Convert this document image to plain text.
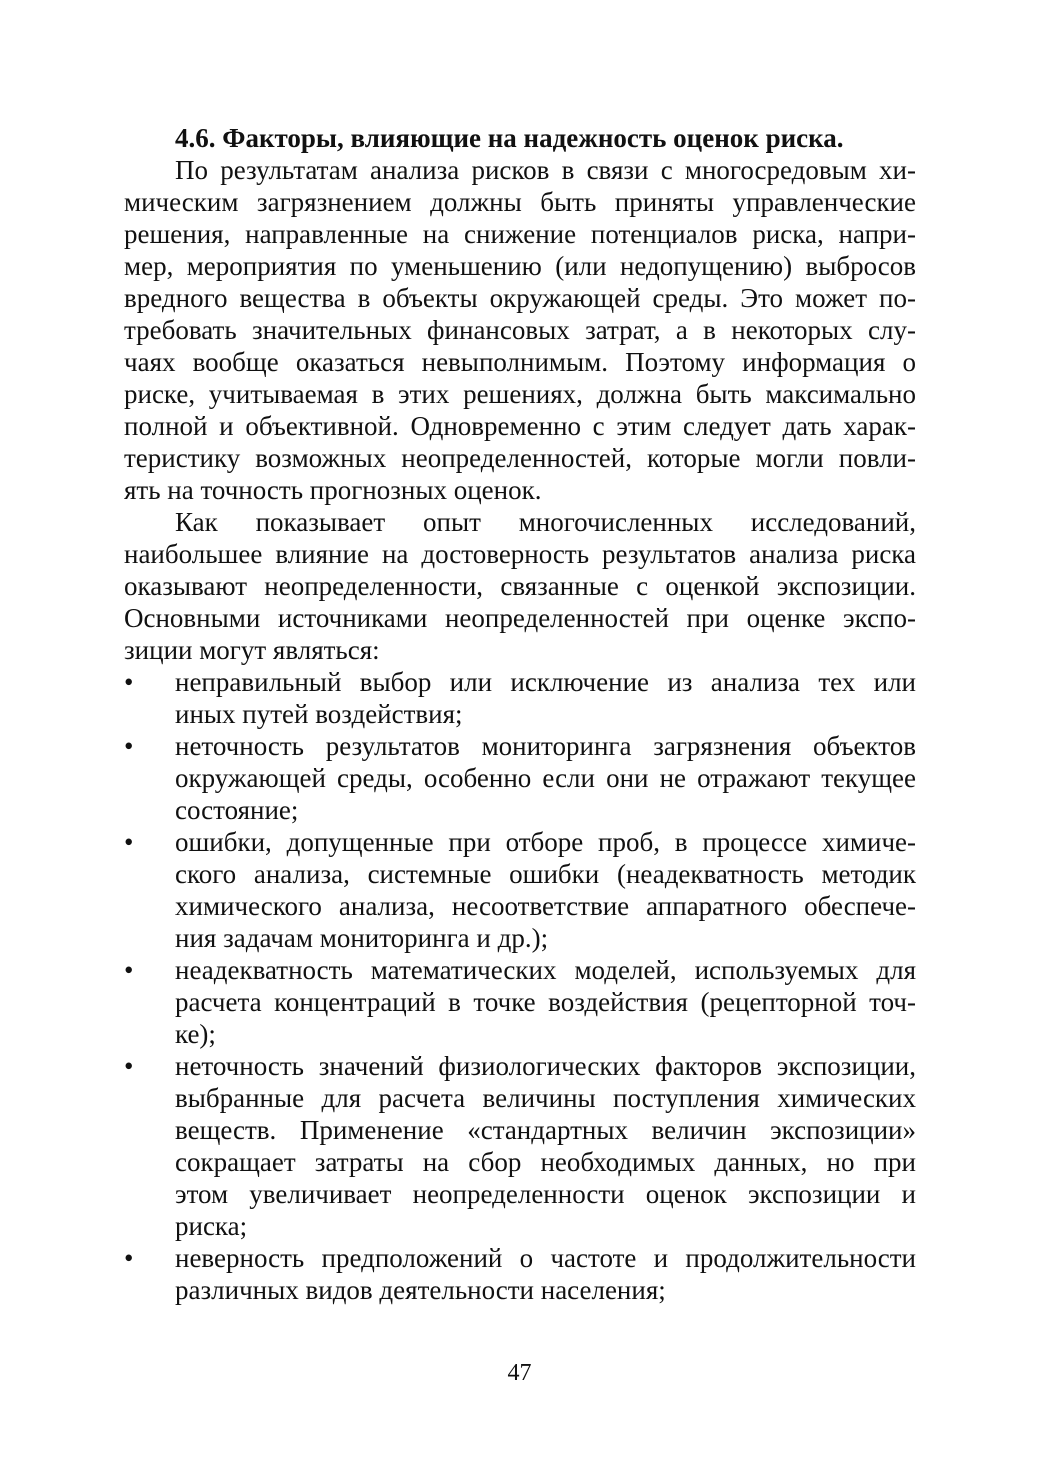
4.6. Факторы, влияющие на надежность оценок риска.
По результатам анализа рисков в связи с многосредовым хи-
мическим загрязнением должны быть приняты управленческие
решения, направленные на снижение потенциалов риска, напри-
мер, мероприятия по уменьшению (или недопущению) выбросов
вредного вещества в объекты окружающей среды. Это может по-
требовать значительных финансовых затрат, а в некоторых слу-
чаях вообще оказаться невыполнимым. Поэтому информация о
риске, учитываемая в этих решениях, должна быть максимально
полной и объективной. Одновременно с этим следует дать харак-
теристику возможных неопределенностей, которые могли повли-
ять на точность прогнозных оценок.
Как показывает опыт многочисленных исследований,
наибольшее влияние на достоверность результатов анализа риска
оказывают неопределенности, связанные с оценкой экспозиции.
Основными источниками неопределенностей при оценке экспо-
зиции могут являться:
•	неправильный выбор или исключение из анализа тех или
иных путей воздействия;
•	неточность результатов мониторинга загрязнения объектов
окружающей среды, особенно если они не отражают текущее
состояние;
•	ошибки, допущенные при отборе проб, в процессе химиче-
ского анализа, системные ошибки (неадекватность методик
химического анализа, несоответствие аппаратного обеспече-
ния задачам мониторинга и др.);
•	неадекватность математических моделей, используемых для
расчета концентраций в точке воздействия (рецепторной точ-
ке);
•	неточность значений физиологических факторов экспозиции,
выбранные для расчета величины поступления химических
веществ. Применение «стандартных величин экспозиции»
сокращает затраты на сбор необходимых данных, но при
этом увеличивает неопределенности оценок экспозиции и
риска;
•	неверность предположений о частоте и продолжительности
различных видов деятельности населения;
47
